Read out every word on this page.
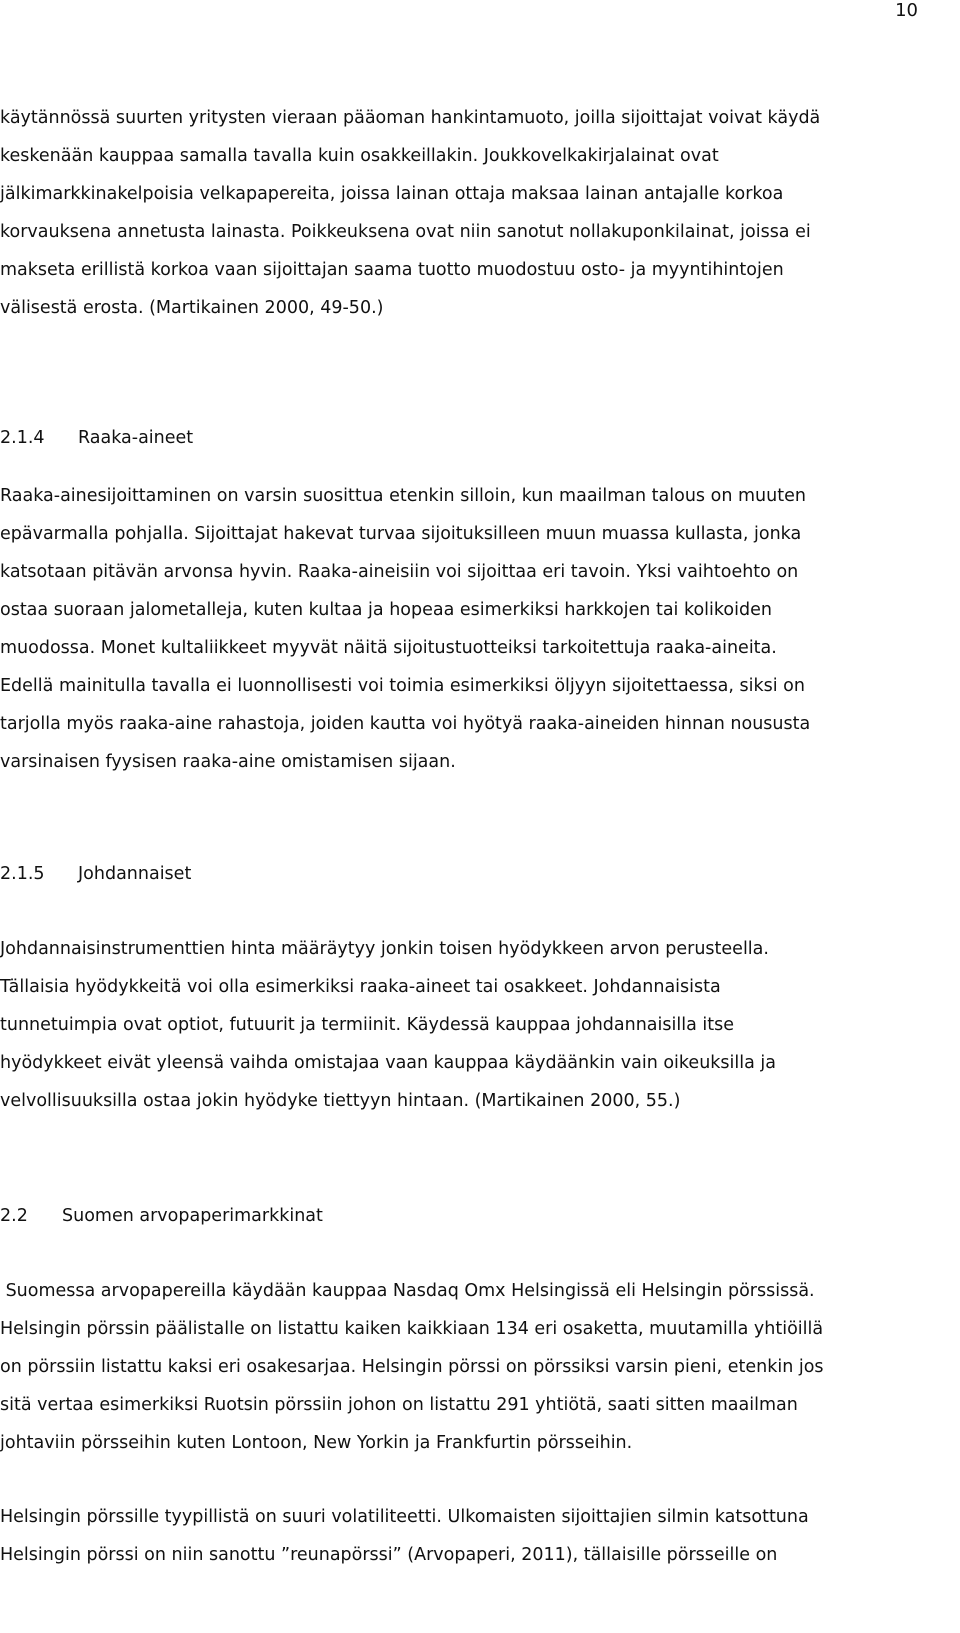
10
käytännössä suurten yritysten vieraan pääoman hankintamuoto, joilla sijoittajat voivat käydä
keskenään kauppaa samalla tavalla kuin osakkeillakin. Joukkovelkakirjalainat ovat
jälkimarkkinakelpoisia velkapapereita, joissa lainan ottaja maksaa lainan antajalle korkoa
korvauksena annetusta lainasta. Poikkeuksena ovat niin sanotut nollakuponkilainat, joissa ei
makseta erillistä korkoa vaan sijoittajan saama tuotto muodostuu osto- ja myyntihintojen
välisestä erosta. (Martikainen 2000, 49-50.)
2.1.4 Raaka-aineet
Raaka-ainesijoittaminen on varsin suosittua etenkin silloin, kun maailman talous on muuten
epävarmalla pohjalla. Sijoittajat hakevat turvaa sijoituksilleen muun muassa kullasta, jonka
katsotaan pitävän arvonsa hyvin. Raaka-aineisiin voi sijoittaa eri tavoin. Yksi vaihtoehto on
ostaa suoraan jalometalleja, kuten kultaa ja hopeaa esimerkiksi harkkojen tai kolikoiden
muodossa. Monet kultaliikkeet myyvät näitä sijoitustuotteiksi tarkoitettuja raaka-aineita.
Edellä mainitulla tavalla ei luonnollisesti voi toimia esimerkiksi öljyyn sijoitettaessa, siksi on
tarjolla myös raaka-aine rahastoja, joiden kautta voi hyötyä raaka-aineiden hinnan noususta
varsinaisen fyysisen raaka-aine omistamisen sijaan.
2.1.5 Johdannaiset
Johdannaisinstrumenttien hinta määräytyy jonkin toisen hyödykkeen arvon perusteella.
Tällaisia hyödykkeitä voi olla esimerkiksi raaka-aineet tai osakkeet. Johdannaisista
tunnetuimpia ovat optiot, futuurit ja termiinit. Käydessä kauppaa johdannaisilla itse
hyödykkeet eivät yleensä vaihda omistajaa vaan kauppaa käydäänkin vain oikeuksilla ja
velvollisuuksilla ostaa jokin hyödyke tiettyyn hintaan. (Martikainen 2000, 55.)
2.2 Suomen arvopaperimarkkinat
Suomessa arvopapereilla käydään kauppaa Nasdaq Omx Helsingissä eli Helsingin pörssissä.
Helsingin pörssin päälistalle on listattu kaiken kaikkiaan 134 eri osaketta, muutamilla yhtiöillä
on pörssiin listattu kaksi eri osakesarjaa. Helsingin pörssi on pörssiksi varsin pieni, etenkin jos
sitä vertaa esimerkiksi Ruotsin pörssiin johon on listattu 291 yhtiötä, saati sitten maailman
johtaviin pörsseihin kuten Lontoon, New Yorkin ja Frankfurtin pörsseihin.
Helsingin pörssille tyypillistä on suuri volatiliteetti. Ulkomaisten sijoittajien silmin katsottuna
Helsingin pörssi on niin sanottu ”reunapörssi” (Arvopaperi, 2011), tällaisille pörsseille on
